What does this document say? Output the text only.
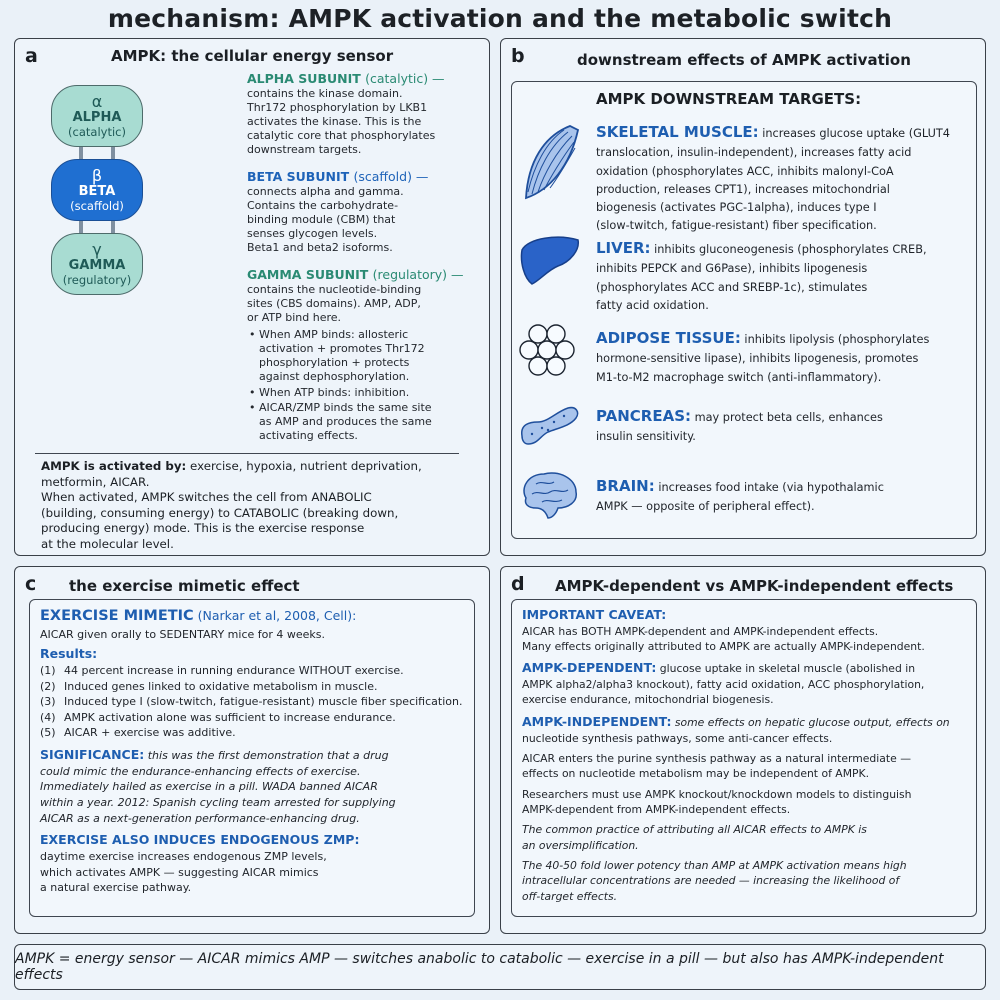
mechanism: AMPK activation and the metabolic switch
a	AMPK: the cellular energy sensor
α
ALPHA
(catalytic)
β
BETA
(scaffold)
γ
GAMMA
(regulatory)
ALPHA SUBUNIT (catalytic) —
contains the kinase domain.
Thr172 phosphorylation by LKB1
activates the kinase. This is the
catalytic core that phosphorylates
downstream targets.
BETA SUBUNIT (scaffold) —
connects alpha and gamma.
Contains the carbohydrate-
binding module (CBM) that
senses glycogen levels.
Beta1 and beta2 isoforms.
GAMMA SUBUNIT (regulatory) —
contains the nucleotide-binding
sites (CBS domains). AMP, ADP,
or ATP bind here.
• When AMP binds: allosteric
activation + promotes Thr172
phosphorylation + protects
against dephosphorylation.
• When ATP binds: inhibition.
• AICAR/ZMP binds the same site
as AMP and produces the same
activating effects.
AMPK is activated by: exercise, hypoxia, nutrient deprivation,
metformin, AICAR.
When activated, AMPK switches the cell from ANABOLIC
(building, consuming energy) to CATABOLIC (breaking down,
producing energy) mode. This is the exercise response
at the molecular level.
b	downstream effects of AMPK activation
AMPK DOWNSTREAM TARGETS:
SKELETAL MUSCLE: increases glucose uptake (GLUT4
translocation, insulin-independent), increases fatty acid
oxidation (phosphorylates ACC, inhibits malonyl-CoA
production, releases CPT1), increases mitochondrial
biogenesis (activates PGC-1alpha), induces type I
(slow-twitch, fatigue-resistant) fiber specification.
LIVER: inhibits gluconeogenesis (phosphorylates CREB,
inhibits PEPCK and G6Pase), inhibits lipogenesis
(phosphorylates ACC and SREBP-1c), stimulates
fatty acid oxidation.
ADIPOSE TISSUE: inhibits lipolysis (phosphorylates
hormone-sensitive lipase), inhibits lipogenesis, promotes
M1-to-M2 macrophage switch (anti-inflammatory).
PANCREAS: may protect beta cells, enhances
insulin sensitivity.
BRAIN: increases food intake (via hypothalamic
AMPK — opposite of peripheral effect).
c the exercise mimetic effect
EXERCISE MIMETIC (Narkar et al, 2008, Cell):
AICAR given orally to SEDENTARY mice for 4 weeks.
Results:
(1) 44 percent increase in running endurance WITHOUT exercise.
(2) Induced genes linked to oxidative metabolism in muscle.
(3) Induced type I (slow-twitch, fatigue-resistant) muscle fiber specification.
(4) AMPK activation alone was sufficient to increase endurance.
(5) AICAR + exercise was additive.
SIGNIFICANCE: this was the first demonstration that a drug
could mimic the endurance-enhancing effects of exercise.
Immediately hailed as exercise in a pill. WADA banned AICAR
within a year. 2012: Spanish cycling team arrested for supplying
AICAR as a next-generation performance-enhancing drug.
EXERCISE ALSO INDUCES ENDOGENOUS ZMP:
daytime exercise increases endogenous ZMP levels,
which activates AMPK — suggesting AICAR mimics
a natural exercise pathway.
d AMPK-dependent vs AMPK-independent effects
IMPORTANT CAVEAT:
AICAR has BOTH AMPK-dependent and AMPK-independent effects.
Many effects originally attributed to AMPK are actually AMPK-independent.
AMPK-DEPENDENT: glucose uptake in skeletal muscle (abolished in
AMPK alpha2/alpha3 knockout), fatty acid oxidation, ACC phosphorylation,
exercise endurance, mitochondrial biogenesis.
AMPK-INDEPENDENT: some effects on hepatic glucose output, effects on
nucleotide synthesis pathways, some anti-cancer effects.
AICAR enters the purine synthesis pathway as a natural intermediate —
effects on nucleotide metabolism may be independent of AMPK.
Researchers must use AMPK knockout/knockdown models to distinguish
AMPK-dependent from AMPK-independent effects.
The common practice of attributing all AICAR effects to AMPK is
an oversimplification.
The 40-50 fold lower potency than AMP at AMPK activation means high
intracellular concentrations are needed — increasing the likelihood of
off-target effects.
AMPK = energy sensor — AICAR mimics AMP — switches anabolic to catabolic — exercise in a pill — but also has AMPK-independent effects
